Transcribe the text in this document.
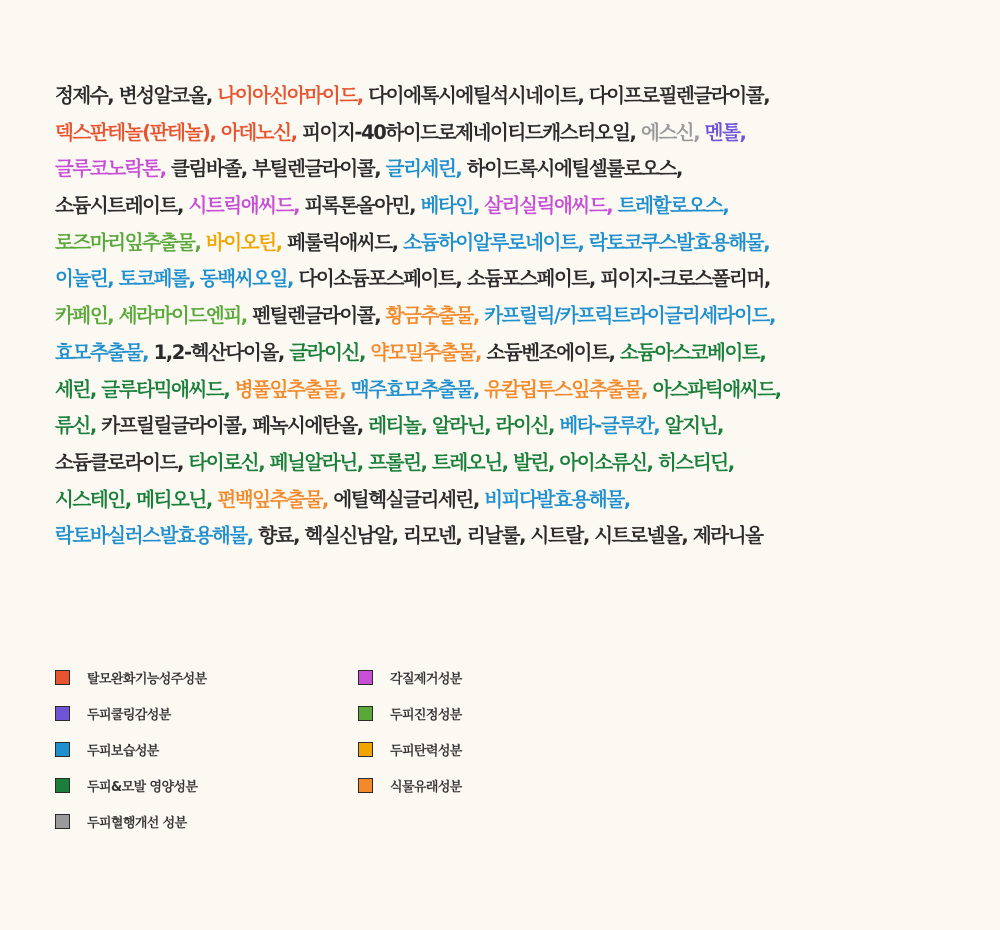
정제수, 변성알코올, 나이아신아마이드, 다이에톡시에틸석시네이트, 다이프로필렌글라이콜,
덱스판테놀(판테놀), 아데노신, 피이지-40하이드로제네이티드캐스터오일, 에스신, 멘톨,
글루코노락톤, 클림바졸, 부틸렌글라이콜, 글리세린, 하이드록시에틸셀룰로오스,
소듐시트레이트, 시트릭애씨드, 피록톤올아민, 베타인, 살리실릭애씨드, 트레할로오스,
로즈마리잎추출물, 바이오틴, 페룰릭애씨드, 소듐하이알루로네이트, 락토코쿠스발효용해물,
이눌린, 토코페롤, 동백씨오일, 다이소듐포스페이트, 소듐포스페이트, 피이지-크로스폴리머,
카페인, 세라마이드엔피, 펜틸렌글라이콜, 황금추출물, 카프릴릭/카프릭트라이글리세라이드,
효모추출물, 1,2-헥산다이올, 글라이신, 약모밀추출물, 소듐벤조에이트, 소듐아스코베이트,
세린, 글루타믹애씨드, 병풀잎추출물, 맥주효모추출물, 유칼립투스잎추출물, 아스파틱애씨드,
류신, 카프릴릴글라이콜, 페녹시에탄올, 레티놀, 알라닌, 라이신, 베타-글루칸, 알지닌,
소듐클로라이드, 타이로신, 페닐알라닌, 프롤린, 트레오닌, 발린, 아이소류신, 히스티딘,
시스테인, 메티오닌, 편백잎추출물, 에틸헥실글리세린, 비피다발효용해물,
락토바실러스발효용해물, 향료, 헥실신남알, 리모넨, 리날룰, 시트랄, 시트로넬올, 제라니올
탈모완화기능성주성분	각질제거성분
두피쿨링감성분	두피진정성분
두피보습성분	두피탄력성분
두피&모발 영양성분	식물유래성분
두피혈행개선 성분
